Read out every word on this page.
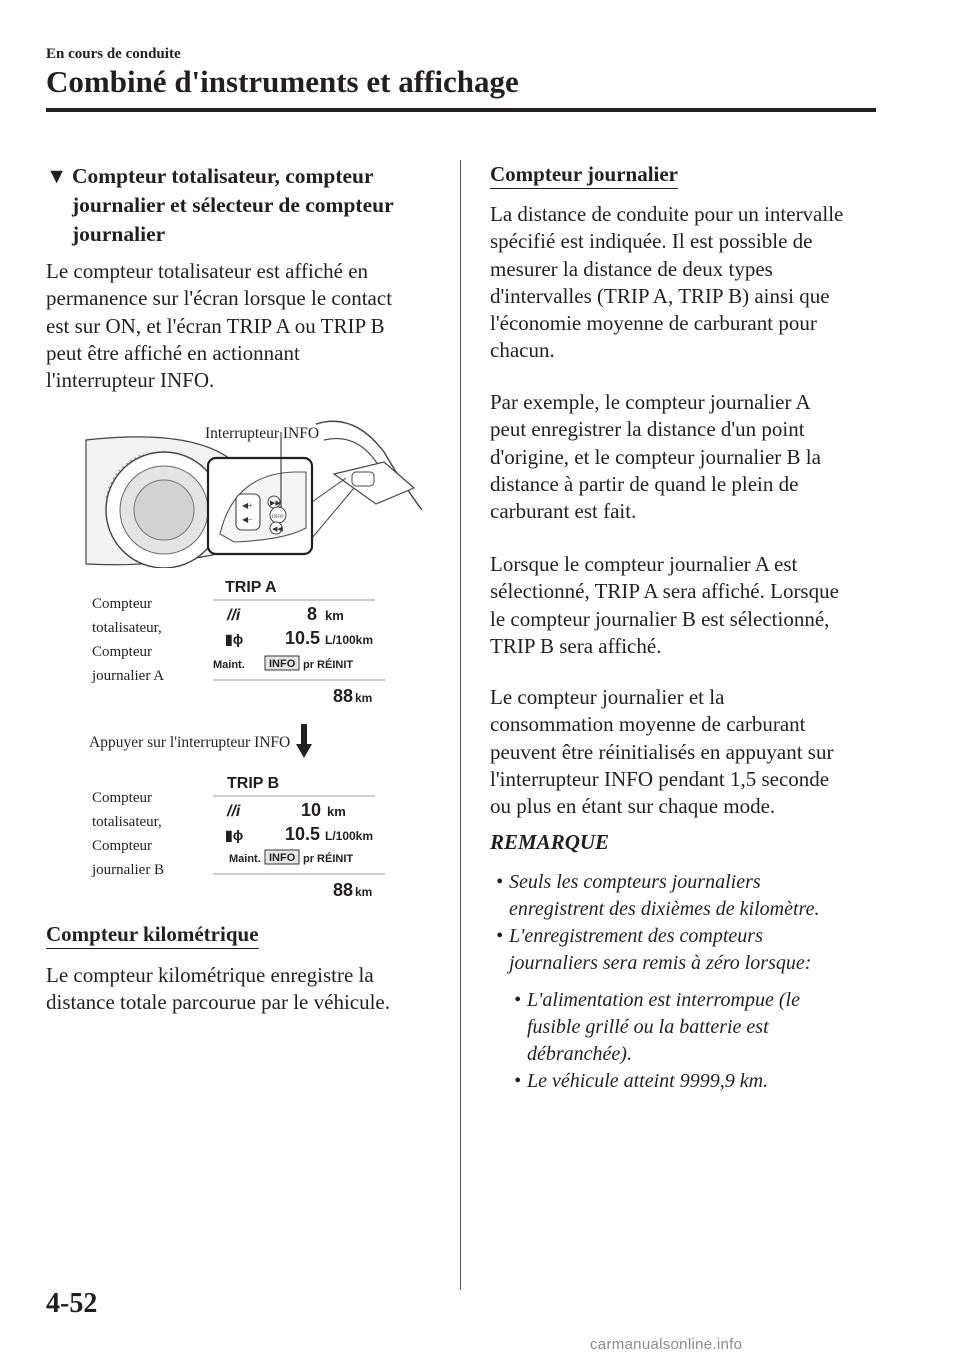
En cours de conduite
Combiné d'instruments et affichage
▼ Compteur totalisateur, compteur
journalier et sélecteur de compteur
journalier
Le compteur totalisateur est affiché en
permanence sur l'écran lorsque le contact
est sur ON, et l'écran TRIP A ou TRIP B
peut être affiché en actionnant
l'interrupteur INFO.
◀+
◀−
▶▶
INFO
◀◀
Interrupteur INFO
Compteur
totalisateur,
Compteur
journalier A
TRIP A
//i	8 km
▮ɸ 10.5 L/100km
Maint. INFO pr RÉINIT
88 km
Appuyer sur l'interrupteur INFO
Compteur
totalisateur,
Compteur
journalier B
TRIP B
//i	10 km
▮ɸ 10.5 L/100km
Maint. INFO pr RÉINIT
88 km
Compteur kilométrique
Le compteur kilométrique enregistre la
distance totale parcourue par le véhicule.
Compteur journalier
La distance de conduite pour un intervalle
spécifié est indiquée. Il est possible de
mesurer la distance de deux types
d'intervalles (TRIP A, TRIP B) ainsi que
l'économie moyenne de carburant pour
chacun.
Par exemple, le compteur journalier A
peut enregistrer la distance d'un point
d'origine, et le compteur journalier B la
distance à partir de quand le plein de
carburant est fait.
Lorsque le compteur journalier A est
sélectionné, TRIP A sera affiché. Lorsque
le compteur journalier B est sélectionné,
TRIP B sera affiché.
Le compteur journalier et la
consommation moyenne de carburant
peuvent être réinitialisés en appuyant sur
l'interrupteur INFO pendant 1,5 seconde
ou plus en étant sur chaque mode.
REMARQUE
• Seuls les compteurs journaliers
enregistrent des dixièmes de kilomètre.
• L'enregistrement des compteurs
journaliers sera remis à zéro lorsque:
• L'alimentation est interrompue (le
fusible grillé ou la batterie est
débranchée).
• Le véhicule atteint 9999,9 km.
4-52
carmanualsonline.info
